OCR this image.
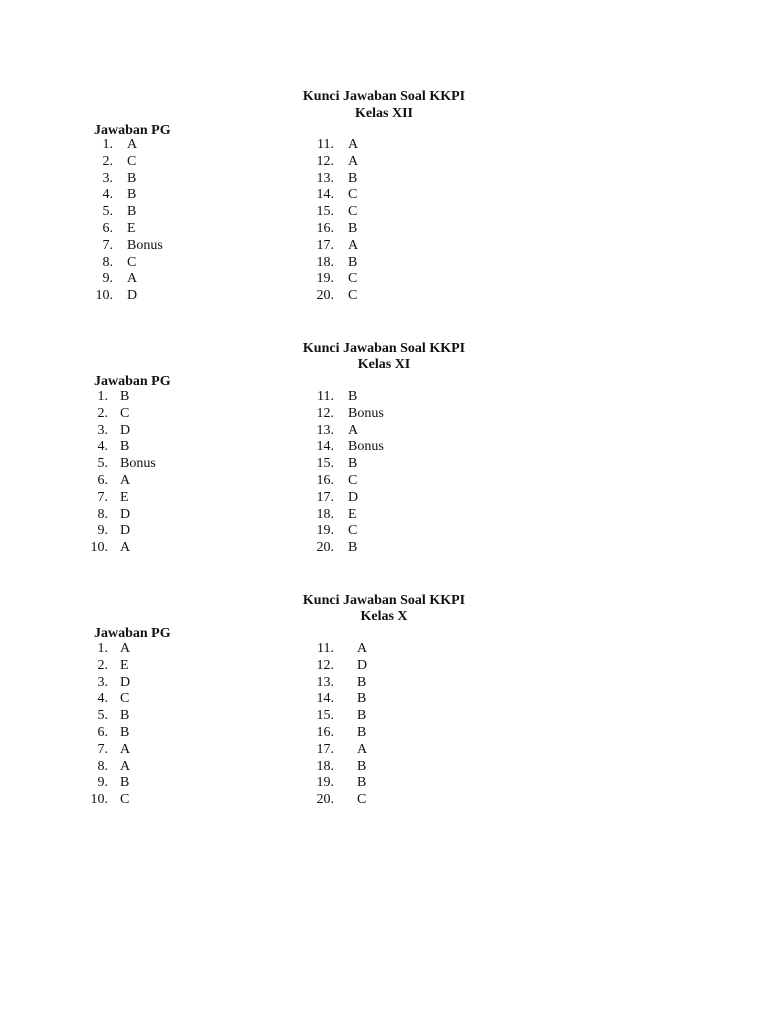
Kunci Jawaban Soal KKPI
Kelas XII
Jawaban PG
1. A
2. C
3. B
4. B
5. B
6. E
7. Bonus
8. C
9. A
10. D
11. A
12. A
13. B
14. C
15. C
16. B
17. A
18. B
19. C
20. C
Kunci Jawaban Soal KKPI
Kelas XI
Jawaban PG
1. B
2. C
3. D
4. B
5. Bonus
6. A
7. E
8. D
9. D
10. A
11. B
12. Bonus
13. A
14. Bonus
15. B
16. C
17. D
18. E
19. C
20. B
Kunci Jawaban Soal KKPI
Kelas X
Jawaban PG
1. A
2. E
3. D
4. C
5. B
6. B
7. A
8. A
9. B
10. C
11. A
12. D
13. B
14. B
15. B
16. B
17. A
18. B
19. B
20. C
